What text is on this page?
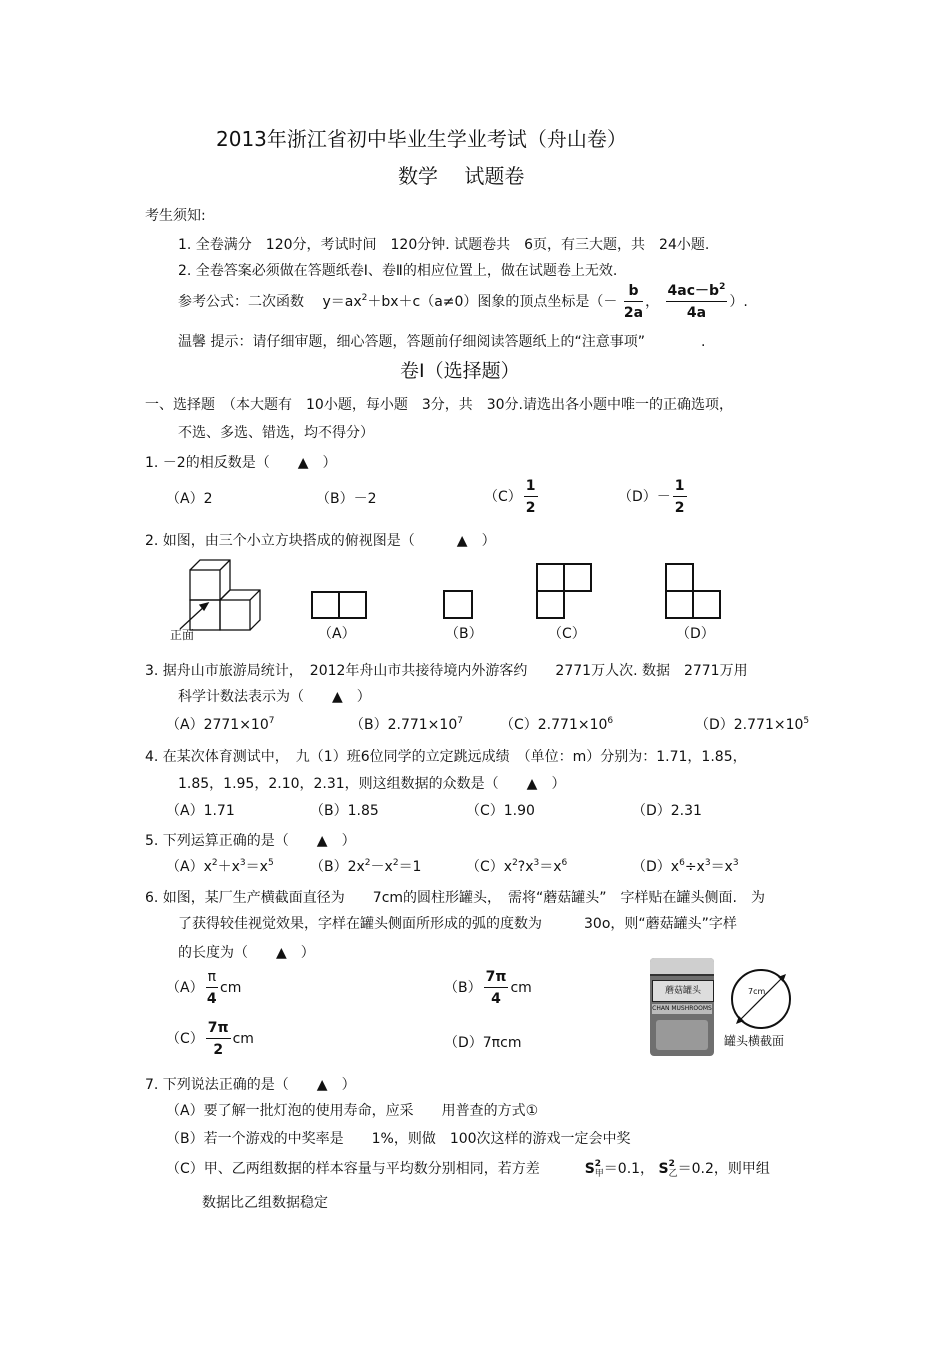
2013年浙江省初中毕业生学业考试（舟山卷）
数学　 试题卷
考生须知:
1. 全卷满分　120分，考试时间　120分钟. 试题卷共　6页，有三大题，共　24小题.
2. 全卷答案必须做在答题纸卷Ⅰ、卷Ⅱ的相应位置上，做在试题卷上无效.
参考公式：二次函数　 $y=ax^2+bx+c(a\ne 0)$图象的顶点坐标是（－ $\frac{b}{2a}$ ， $\frac{4ac-b^2}{4a}$ ）.
温馨 提示：请仔细审题，细心答题，答题前仔细阅读答题纸上的“注意事项”　　　　.
卷Ⅰ（选择题）
一、选择题　（本大题有　10小题，每小题　3分，共　30分.请选出各小题中唯一的正确选项，
不选、多选、错选，均不得分）
1. －2的相反数是（　　▲　）
（A）2	（B）－2	$(C) \frac{1}{2}$	$(D)- \frac{1}{2}$
2. 如图，由三个小立方块搭成的俯视图是（　　　▲　）
正面	（A）	（B）	（C）	（D）
3. 据舟山市旅游局统计，　2012年舟山市共接待境内外游客约　　2771万人次. 数据　2771万用
科学计数法表示为（　　▲　）
$(A)2771\times 10^7$	$(B)2.771\times 10^7$	$(C)2.771\times 10^6$	$(D)2.771\times 10^5$
4. 在某次体育测试中，　九（1）班6位同学的立定跳远成绩　（单位：m）分别为：1.71，1.85，
1.85，1.95，2.10，2.31，则这组数据的众数是（　　▲　）
（A）1.71	（B）1.85	（C）1.90	（D）2.31
5. 下列运算正确的是（　　▲　）
$(A)x^2+x^3=x^5$	$(B)2x^2-x^2=1$	$(C)x^2?x^3=x^6$	$(D)x^6\div x^3=x^3$
6. 如图，某厂生产横截面直径为　　7cm的圆柱形罐头，　需将“蘑菇罐头”　字样贴在罐头侧面.　为
了获得较佳视觉效果，字样在罐头侧面所形成的弧的度数为　　　30o，则“蘑菇罐头”字样
的长度为（　　▲　）
$(A) \frac{\pi}{4}$ cm	$(B) \frac{7\pi}{4}$ cm
$(C) \frac{7\pi}{2}$ cm	（D）7πcm
蘑菇罐头
CHAN MUSHROOMS
7cm
罐头横截面
7. 下列说法正确的是（　　▲　）
（A）要了解一批灯泡的使用寿命，应采　　用普查的方式①
（B）若一个游戏的中奖率是　　1%，则做　100次这样的游戏一定会中奖
（C）甲、乙两组数据的样本容量与平均数分别相同，若方差	S 2
甲 ＝0.1， S 2
乙 ＝0.2，则甲组
数据比乙组数据稳定
